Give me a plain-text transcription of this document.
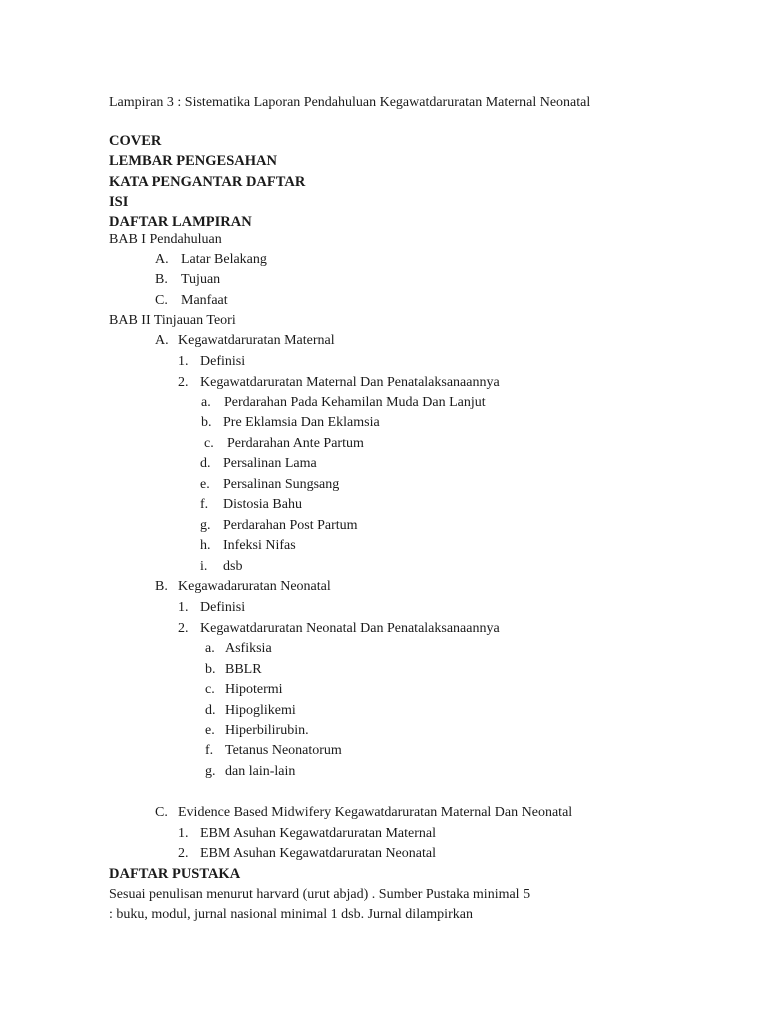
Lampiran 3 : Sistematika Laporan Pendahuluan Kegawatdaruratan Maternal Neonatal
COVER
LEMBAR PENGESAHAN
KATA PENGANTAR DAFTAR
ISI
DAFTAR LAMPIRAN
BAB I Pendahuluan
A. Latar Belakang
B. Tujuan
C. Manfaat
BAB II Tinjauan Teori
A. Kegawatdaruratan Maternal
1. Definisi
2. Kegawatdaruratan Maternal Dan Penatalaksanaannya
a. Perdarahan Pada Kehamilan Muda Dan Lanjut
b. Pre Eklamsia Dan Eklamsia
c. Perdarahan Ante Partum
d. Persalinan Lama
e. Persalinan Sungsang
f. Distosia Bahu
g. Perdarahan Post Partum
h. Infeksi Nifas
i. dsb
B. Kegawadaruratan Neonatal
1. Definisi
2. Kegawatdaruratan Neonatal Dan Penatalaksanaannya
a. Asfiksia
b. BBLR
c. Hipotermi
d. Hipoglikemi
e. Hiperbilirubin.
f. Tetanus Neonatorum
g. dan lain-lain
C. Evidence Based Midwifery Kegawatdaruratan Maternal Dan Neonatal
1. EBM Asuhan Kegawatdaruratan Maternal
2. EBM Asuhan Kegawatdaruratan Neonatal
DAFTAR PUSTAKA
Sesuai penulisan menurut harvard (urut abjad) . Sumber Pustaka minimal 5
: buku, modul, jurnal nasional minimal 1 dsb. Jurnal dilampirkan
